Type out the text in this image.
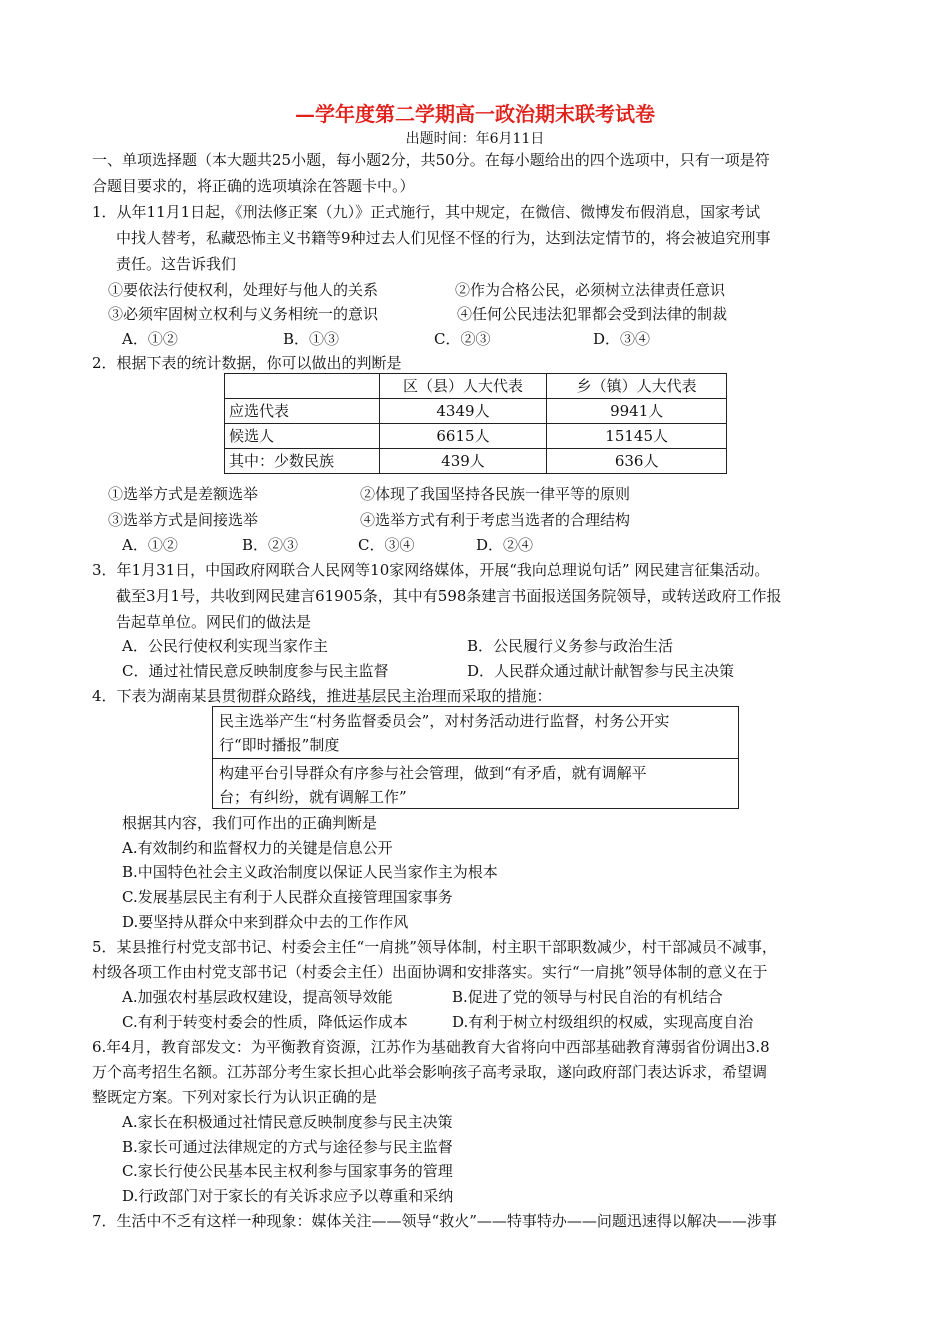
—学年度第二学期高一政治期末联考试卷
出题时间：年6月11日
一、单项选择题（本大题共25小题，每小题2分，共50分。在每小题给出的四个选项中，只有一项是符
合题目要求的，将正确的选项填涂在答题卡中。）
1．从年11月1日起，《刑法修正案（九）》正式施行，其中规定，在微信、微博发布假消息，国家考试
中找人替考，私藏恐怖主义书籍等9种过去人们见怪不怪的行为，达到法定情节的，将会被追究刑事
责任。这告诉我们
①要依法行使权利，处理好与他人的关系	②作为合格公民，必须树立法律责任意识
③必须牢固树立权利与义务相统一的意识	④任何公民违法犯罪都会受到法律的制裁
A．①②	B．①③	C．②③	D．③④
2．根据下表的统计数据，你可以做出的判断是
	区（县）人大代表	乡（镇）人大代表
应选代表	4349人	9941人
候选人	6615人	15145人
其中：少数民族	439人	636人
①选举方式是差额选举	②体现了我国坚持各民族一律平等的原则
③选举方式是间接选举	④选举方式有利于考虑当选者的合理结构
A．①②	B．②③	C．③④	D．②④
3．年1月31日，中国政府网联合人民网等10家网络媒体，开展“我向总理说句话” 网民建言征集活动。
截至3月1号，共收到网民建言61905条，其中有598条建言书面报送国务院领导，或转送政府工作报
告起草单位。网民们的做法是
A．公民行使权利实现当家作主	B．公民履行义务参与政治生活
C．通过社情民意反映制度参与民主监督	D．人民群众通过献计献智参与民主决策
4．下表为湖南某县贯彻群众路线，推进基层民主治理而采取的措施：
民主选举产生“村务监督委员会”，对村务活动进行监督，村务公开实
行“即时播报”制度
构建平台引导群众有序参与社会管理，做到“有矛盾，就有调解平
台；有纠纷，就有调解工作”
根据其内容，我们可作出的正确判断是
A.有效制约和监督权力的关键是信息公开
B.中国特色社会主义政治制度以保证人民当家作主为根本
C.发展基层民主有利于人民群众直接管理国家事务
D.要坚持从群众中来到群众中去的工作作风
5．某县推行村党支部书记、村委会主任“一肩挑”领导体制，村主职干部职数减少，村干部减员不减事，
村级各项工作由村党支部书记（村委会主任）出面协调和安排落实。实行“一肩挑”领导体制的意义在于
A.加强农村基层政权建设，提高领导效能	B.促进了党的领导与村民自治的有机结合
C.有利于转变村委会的性质，降低运作成本	D.有利于树立村级组织的权威，实现高度自治
6.年4月，教育部发文：为平衡教育资源，江苏作为基础教育大省将向中西部基础教育薄弱省份调出3.8
万个高考招生名额。江苏部分考生家长担心此举会影响孩子高考录取，遂向政府部门表达诉求，希望调
整既定方案。下列对家长行为认识正确的是
A.家长在积极通过社情民意反映制度参与民主决策
B.家长可通过法律规定的方式与途径参与民主监督
C.家长行使公民基本民主权利参与国家事务的管理
D.行政部门对于家长的有关诉求应予以尊重和采纳
7．生活中不乏有这样一种现象：媒体关注——领导“救火”——特事特办——问题迅速得以解决——涉事
